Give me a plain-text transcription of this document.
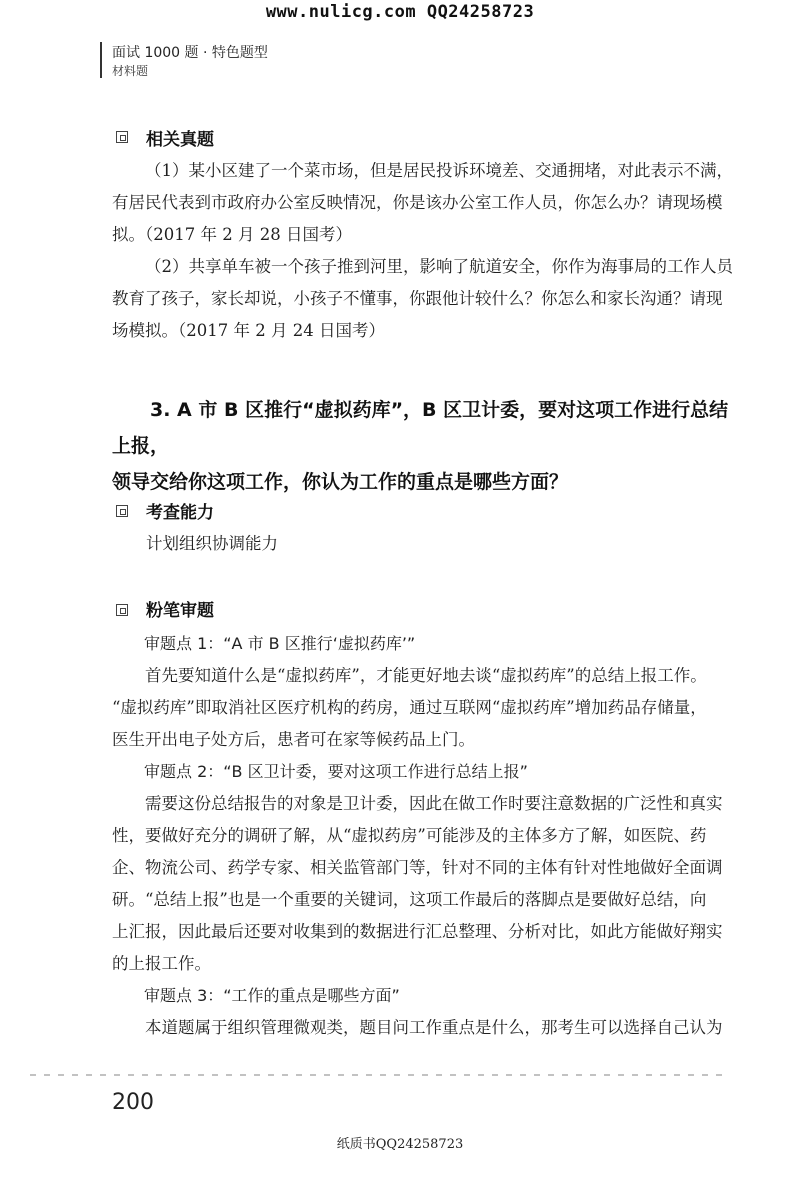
www.nulicg.com QQ24258723
面试 1000 题 · 特色题型
材料题
相关真题

（1）某小区建了一个菜市场，但是居民投诉环境差、交通拥堵，对此表示不满，

有居民代表到市政府办公室反映情况，你是该办公室工作人员，你怎么办？请现场模

拟。（2017 年 2 月 28 日国考）

（2）共享单车被一个孩子推到河里，影响了航道安全，你作为海事局的工作人员

教育了孩子，家长却说，小孩子不懂事，你跟他计较什么？你怎么和家长沟通？请现

场模拟。（2017 年 2 月 24 日国考）

3. A 市 B 区推行“虚拟药库”，B 区卫计委，要对这项工作进行总结上报，
领导交给你这项工作，你认为工作的重点是哪些方面？
考查能力
计划组织协调能力
粉笔审题

审题点 1：“A 市 B 区推行‘虚拟药库’”

首先要知道什么是“虚拟药库”，才能更好地去谈“虚拟药库”的总结上报工作。

“虚拟药库”即取消社区医疗机构的药房，通过互联网“虚拟药库”增加药品存储量，

医生开出电子处方后，患者可在家等候药品上门。

审题点 2：“B 区卫计委，要对这项工作进行总结上报”

需要这份总结报告的对象是卫计委，因此在做工作时要注意数据的广泛性和真实

性，要做好充分的调研了解，从“虚拟药房”可能涉及的主体多方了解，如医院、药

企、物流公司、药学专家、相关监管部门等，针对不同的主体有针对性地做好全面调

研。“总结上报”也是一个重要的关键词，这项工作最后的落脚点是要做好总结，向

上汇报，因此最后还要对收集到的数据进行汇总整理、分析对比，如此方能做好翔实

的上报工作。

审题点 3：“工作的重点是哪些方面”

本道题属于组织管理微观类，题目问工作重点是什么，那考生可以选择自己认为

200
纸质书QQ24258723
